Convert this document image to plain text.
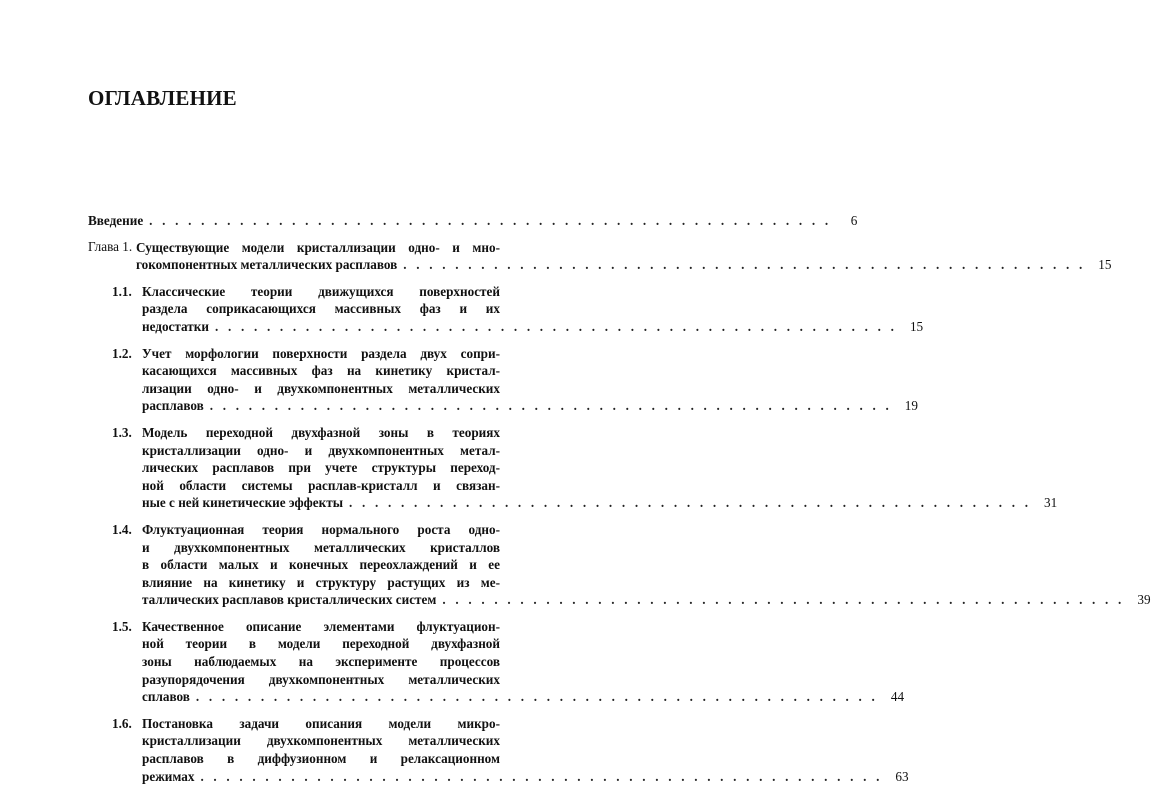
ОГЛАВЛЕНИЕ
Введение . . . . . . . . . . . . . . . . . . . . . . . . . . . . . . . . . . . . . . . . . . . . . . . . . . . . .	6
Глава 1. Существующие модели кристаллизации одно- и мно-
гокомпонентных металлических расплавов . . . . . . . . . . . . . . . . . . . . . . . . . . . . . . . . . . . . . . . . . . . . . . . . . . . . . 15
1.1. Классические теории движущихся поверхностей
раздела соприкасающихся массивных фаз и их
недостатки . . . . . . . . . . . . . . . . . . . . . . . . . . . . . . . . . . . . . . . . . . . . . . . . . . . . . 15
1.2. Учет морфологии поверхности раздела двух сопри-
касающихся массивных фаз на кинетику кристал-
лизации одно- и двухкомпонентных металлических
расплавов . . . . . . . . . . . . . . . . . . . . . . . . . . . . . . . . . . . . . . . . . . . . . . . . . . . . . 19
1.3. Модель переходной двухфазной зоны в теориях
кристаллизации одно- и двухкомпонентных метал-
лических расплавов при учете структуры переход-
ной области системы расплав-кристалл и связан-
ные с ней кинетические эффекты . . . . . . . . . . . . . . . . . . . . . . . . . . . . . . . . . . . . . . . . . . . . . . . . . . . . . 31
1.4. Флуктуационная теория нормального роста одно-
и двухкомпонентных металлических кристаллов
в области малых и конечных переохлаждений и ее
влияние на кинетику и структуру растущих из ме-
таллических расплавов кристаллических систем . . . . . . . . . . . . . . . . . . . . . . . . . . . . . . . . . . . . . . . . . . . . . . . . . . . . . 39
1.5. Качественное описание элементами флуктуацион-
ной теории в модели переходной двухфазной
зоны наблюдаемых на эксперименте процессов
разупорядочения двухкомпонентных металлических
сплавов . . . . . . . . . . . . . . . . . . . . . . . . . . . . . . . . . . . . . . . . . . . . . . . . . . . . . 44
1.6. Постановка задачи описания модели микро-
кристаллизации двухкомпонентных металлических
расплавов в диффузионном и релаксационном
режимах . . . . . . . . . . . . . . . . . . . . . . . . . . . . . . . . . . . . . . . . . . . . . . . . . . . . . 63
